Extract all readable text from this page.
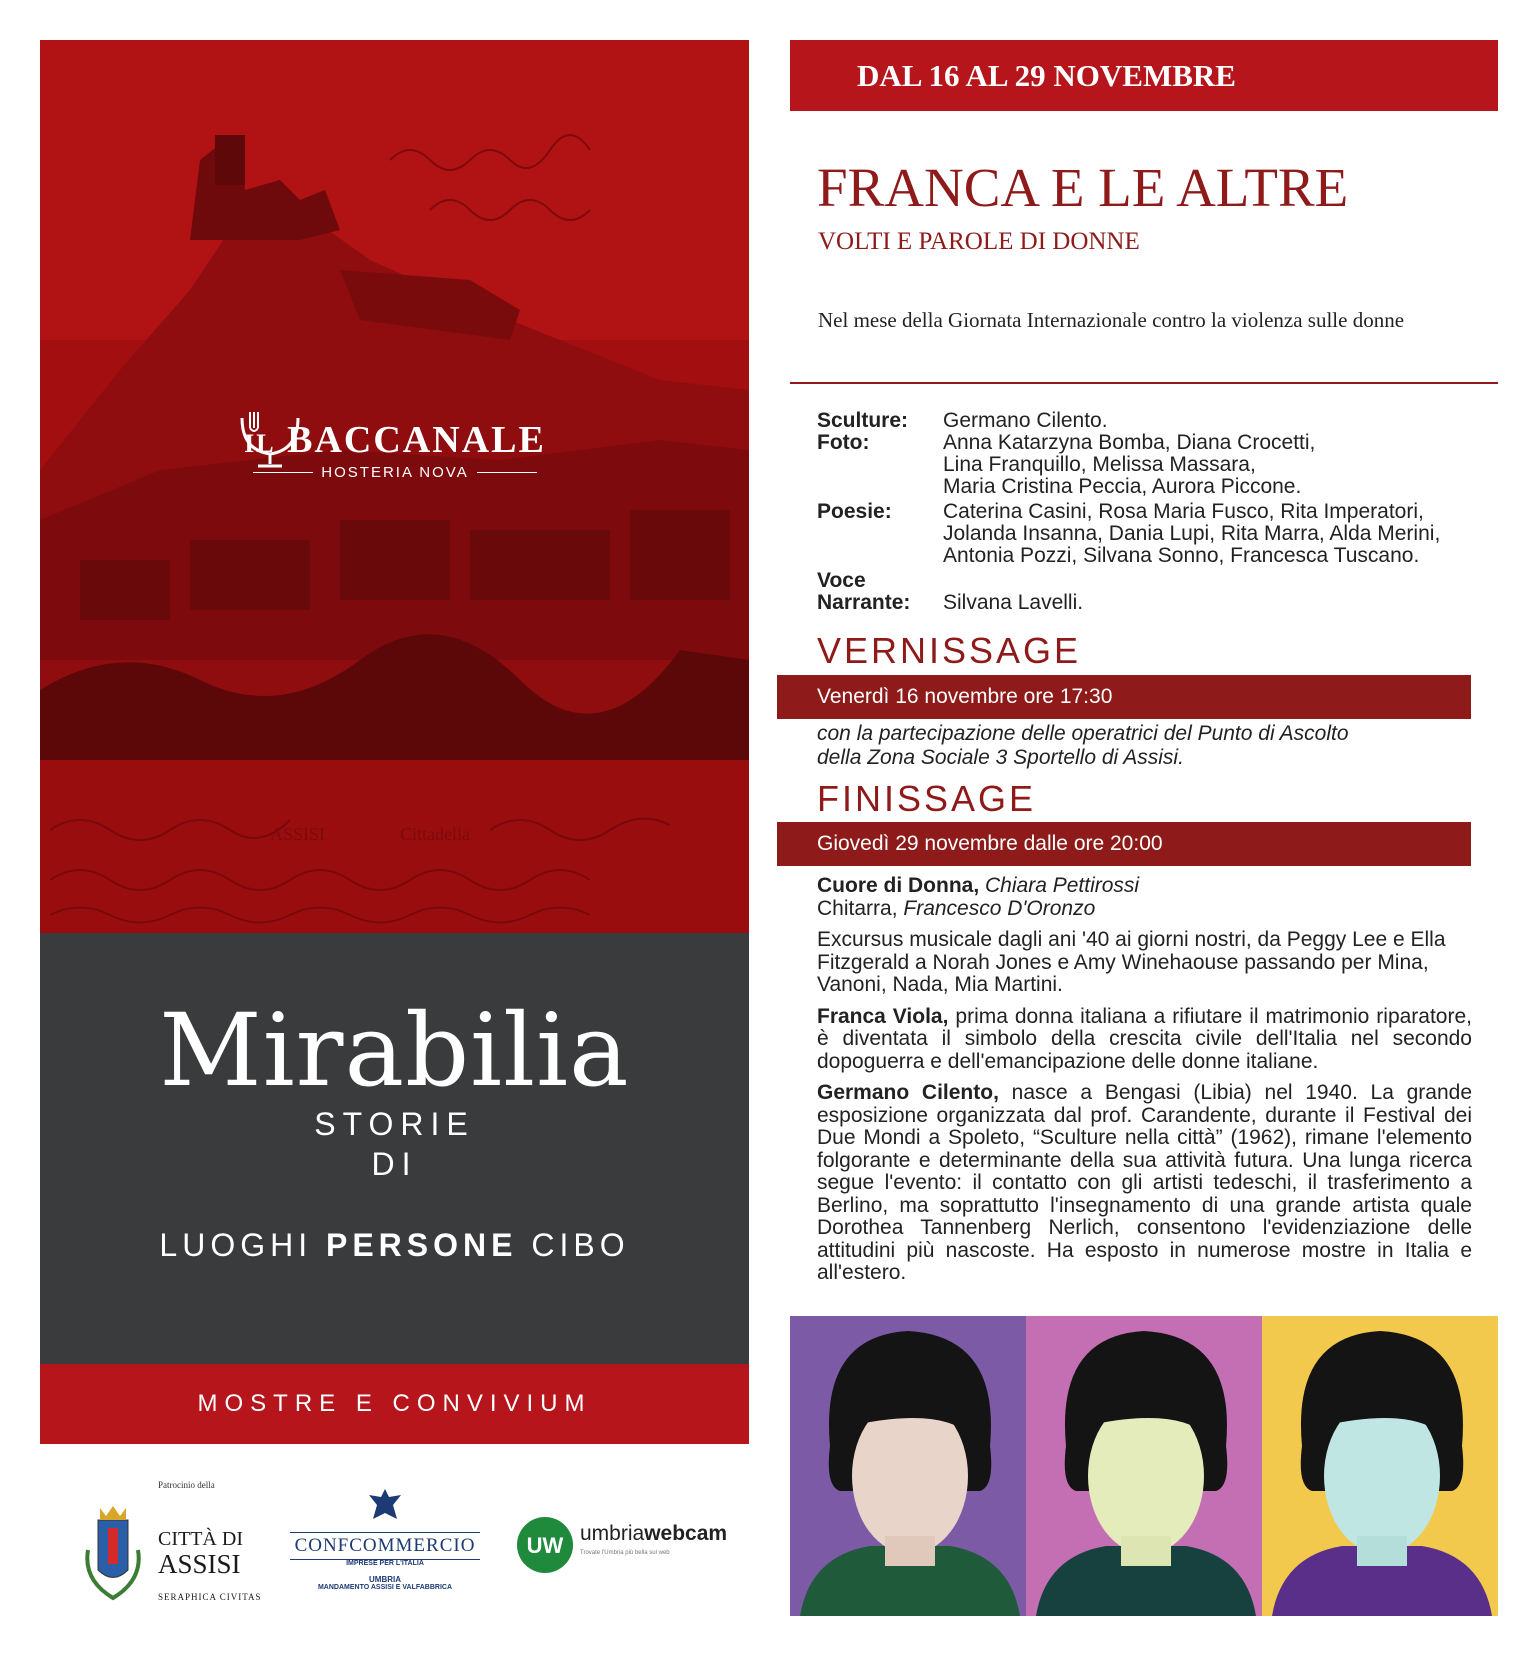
ASSISI	Cittadella
IL BACCANALE
HOSTERIA NOVA
Mirabilia
STORIE
DI
LUOGHI PERSONE CIBO
MOSTRE E CONVIVIUM
Patrocinio della
CITTÀ DI
ASSISI
SERAPHICA CIVITAS
CONFCOMMERCIO
IMPRESE PER L'ITALIA
UMBRIA
MANDAMENTO ASSISI E VALFABBRICA
UW umbriawebcam
Trovate l'Umbria più bella sul web
DAL 16 AL 29 NOVEMBRE
FRANCA E LE ALTRE
VOLTI E PAROLE DI DONNE
Nel mese della Giornata Internazionale contro la violenza sulle donne
Sculture:	Germano Cilento.
Foto:	Anna Katarzyna Bomba, Diana Crocetti,
Lina Franquillo, Melissa Massara,
Maria Cristina Peccia, Aurora Piccone.
Poesie:	Caterina Casini, Rosa Maria Fusco, Rita Imperatori,
Jolanda Insanna, Dania Lupi, Rita Marra, Alda Merini,
Antonia Pozzi, Silvana Sonno, Francesca Tuscano.
Voce
Narrante:	Silvana Lavelli.
VERNISSAGE
Venerdì 16 novembre ore 17:30
con la partecipazione delle operatrici del Punto di Ascolto
della Zona Sociale 3 Sportello di Assisi.
FINISSAGE
Giovedì 29 novembre dalle ore 20:00

Cuore di Donna, Chiara Pettirossi
Chitarra, Francesco D'Oronzo

Excursus musicale dagli ani '40 ai giorni nostri, da Peggy Lee e Ella Fitzgerald a Norah Jones e Amy Winehaouse passando per Mina, Vanoni, Nada, Mia Martini.

Franca Viola, prima donna italiana a rifiutare il matrimonio riparatore, è diventata il simbolo della crescita civile dell'Italia nel secondo dopoguerra e dell'emancipazione delle donne italiane.

Germano Cilento, nasce a Bengasi (Libia) nel 1940. La grande esposizione organizzata dal prof. Carandente, durante il Festival dei Due Mondi a Spoleto, “Sculture nella città” (1962), rimane l'elemento folgorante e determinante della sua attività futura. Una lunga ricerca segue l'evento: il contatto con gli artisti tedeschi, il trasferimento a Berlino, ma soprattutto l'insegnamento di una grande artista quale Dorothea Tannenberg Nerlich, consentono l'evidenziazione delle attitudini più nascoste. Ha esposto in numerose mostre in Italia e all'estero.
